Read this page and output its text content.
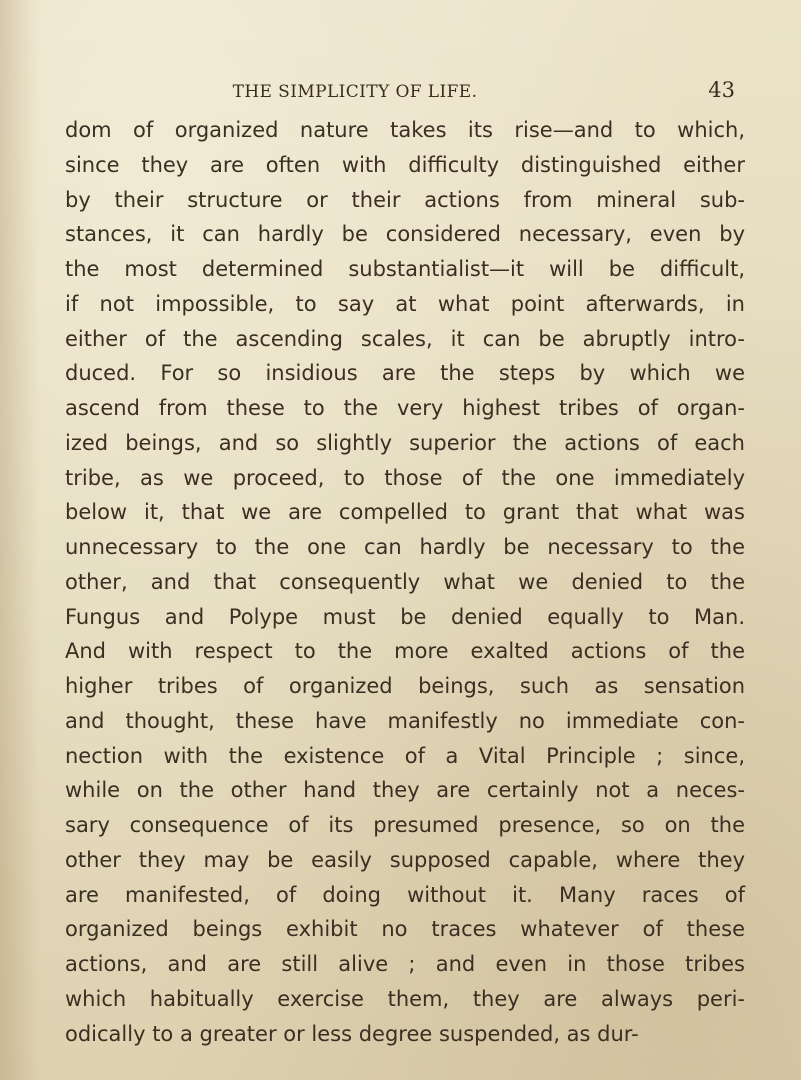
THE SIMPLICITY OF LIFE.	43
dom of organized nature takes its rise—and to which,
since they are often with difficulty distinguished either
by their structure or their actions from mineral sub-
stances, it can hardly be considered necessary, even by
the most determined substantialist—it will be difficult,
if not impossible, to say at what point afterwards, in
either of the ascending scales, it can be abruptly intro-
duced. For so insidious are the steps by which we
ascend from these to the very highest tribes of organ-
ized beings, and so slightly superior the actions of each
tribe, as we proceed, to those of the one immediately
below it, that we are compelled to grant that what was
unnecessary to the one can hardly be necessary to the
other, and that consequently what we denied to the
Fungus and Polype must be denied equally to Man.
And with respect to the more exalted actions of the
higher tribes of organized beings, such as sensation
and thought, these have manifestly no immediate con-
nection with the existence of a Vital Principle ; since,
while on the other hand they are certainly not a neces-
sary consequence of its presumed presence, so on the
other they may be easily supposed capable, where they
are manifested, of doing without it. Many races of
organized beings exhibit no traces whatever of these
actions, and are still alive ; and even in those tribes
which habitually exercise them, they are always peri-
odically to a greater or less degree suspended, as dur-
